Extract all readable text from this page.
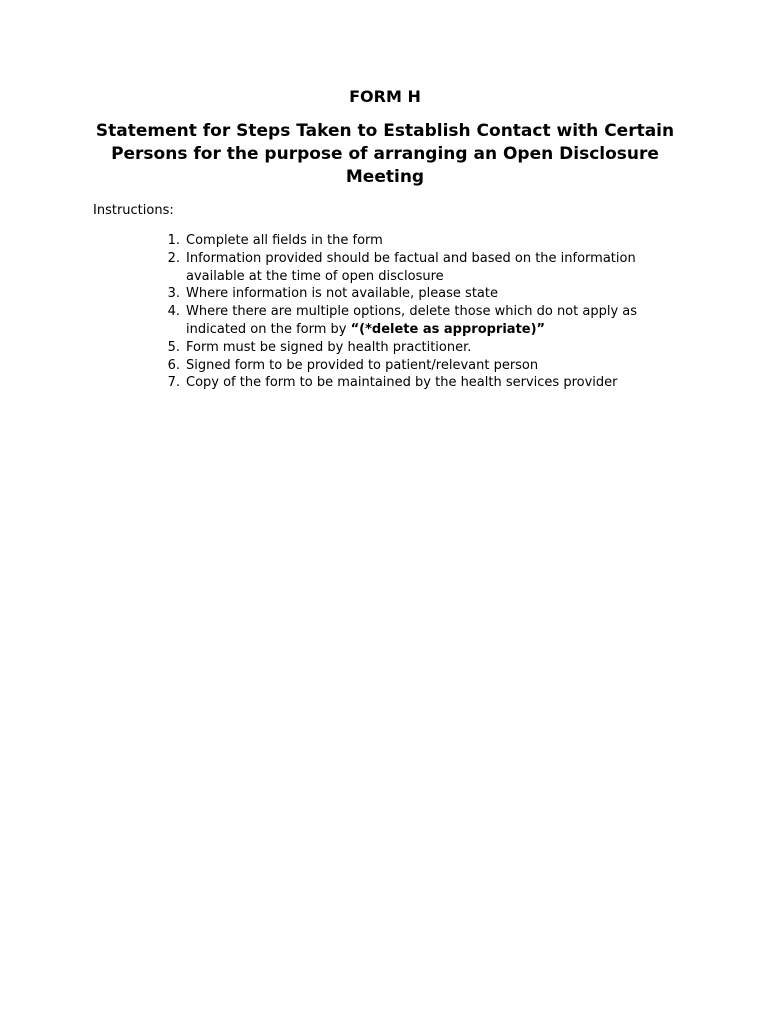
FORM H
Statement for Steps Taken to Establish Contact with Certain Persons for the purpose of arranging an Open Disclosure Meeting
Instructions:
1. Complete all fields in the form
2. Information provided should be factual and based on the information available at the time of open disclosure
3. Where information is not available, please state
4. Where there are multiple options, delete those which do not apply as indicated on the form by “(*delete as appropriate)”
5. Form must be signed by health practitioner.
6. Signed form to be provided to patient/relevant person
7. Copy of the form to be maintained by the health services provider
